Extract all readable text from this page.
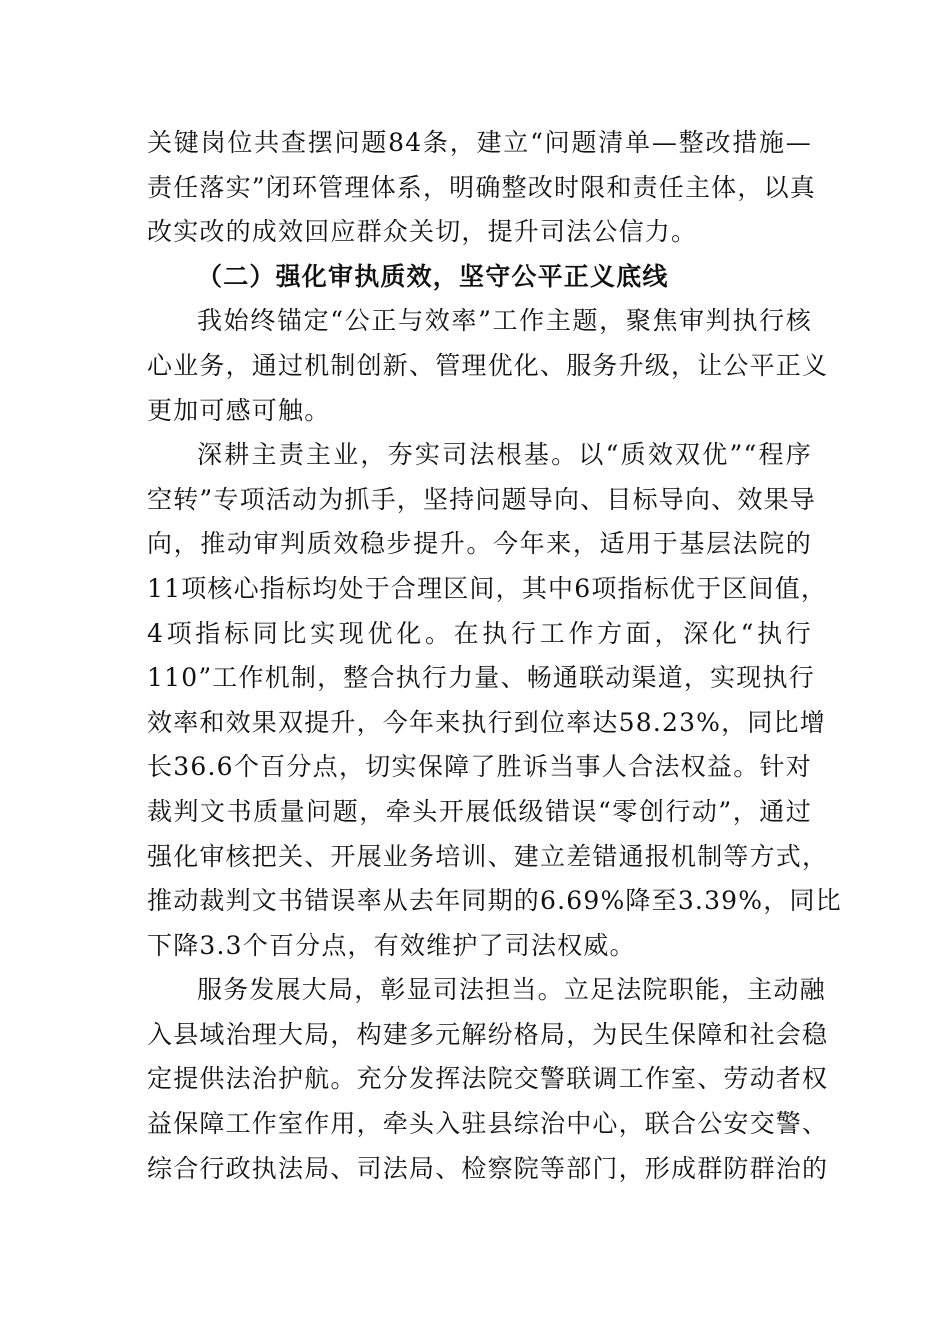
关键岗位共查摆问题84条，建立“问题清单—整改措施—
责任落实”闭环管理体系，明确整改时限和责任主体，以真
改实改的成效回应群众关切，提升司法公信力。
（二）强化审执质效，坚守公平正义底线
我始终锚定“公正与效率”工作主题，聚焦审判执行核
心业务，通过机制创新、管理优化、服务升级，让公平正义
更加可感可触。
深耕主责主业，夯实司法根基。以“质效双优”“程序
空转”专项活动为抓手，坚持问题导向、目标导向、效果导
向，推动审判质效稳步提升。今年来，适用于基层法院的
11项核心指标均处于合理区间，其中6项指标优于区间值，
4项指标同比实现优化。在执行工作方面，深化“执行
110”工作机制，整合执行力量、畅通联动渠道，实现执行
效率和效果双提升，今年来执行到位率达58.23%，同比增
长36.6个百分点，切实保障了胜诉当事人合法权益。针对
裁判文书质量问题，牵头开展低级错误“零创行动”，通过
强化审核把关、开展业务培训、建立差错通报机制等方式，
推动裁判文书错误率从去年同期的6.69%降至3.39%，同比
下降3.3个百分点，有效维护了司法权威。
服务发展大局，彰显司法担当。立足法院职能，主动融
入县域治理大局，构建多元解纷格局，为民生保障和社会稳
定提供法治护航。充分发挥法院交警联调工作室、劳动者权
益保障工作室作用，牵头入驻县综治中心，联合公安交警、
综合行政执法局、司法局、检察院等部门，形成群防群治的
